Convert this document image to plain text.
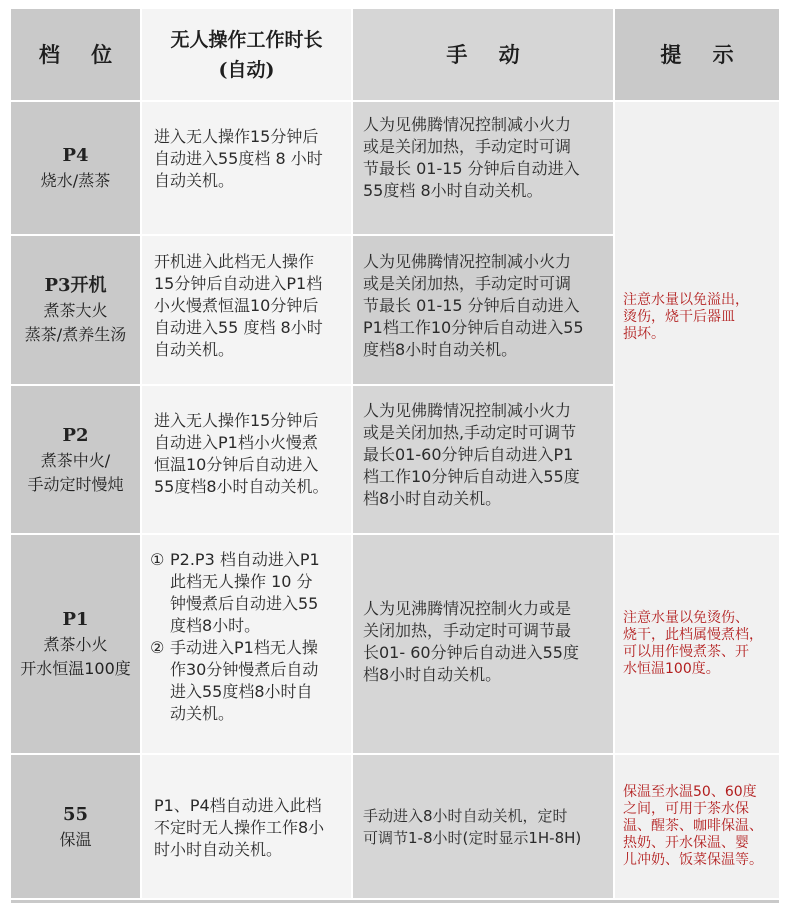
档 位
无人操作工作时长
(自动)
手 动	提 示
P4
烧水/蒸茶
进入无人操作15分钟后
自动进入55度档 8 小时
自动关机。
人为见佛腾情况控制减小火力
或是关闭加热，手动定时可调
节最长 01-15 分钟后自动进入
55度档 8小时自动关机。
P3开机
煮茶大火
蒸茶/煮养生汤
开机进入此档无人操作
15分钟后自动进入P1档
小火慢煮恒温10分钟后
自动进入55 度档 8小时
自动关机。
人为见佛腾情况控制减小火力
或是关闭加热，手动定时可调
节最长 01-15 分钟后自动进入
P1档工作10分钟后自动进入55
度档8小时自动关机。
注意水量以免溢出，
烫伤，烧干后器皿
损坏。
P2
煮茶中火/
手动定时慢炖
进入无人操作15分钟后
自动进入P1档小火慢煮
恒温10分钟后自动进入
55度档8小时自动关机。
人为见佛腾情况控制减小火力
或是关闭加热,手动定时可调节
最长01-60分钟后自动进入P1
档工作10分钟后自动进入55度
档8小时自动关机。
P1
煮茶小火
开水恒温100度
① P2.P3 档自动进入P1
此档无人操作 10 分
钟慢煮后自动进入55
度档8小时。
② 手动进入P1档无人操
作30分钟慢煮后自动
进入55度档8小时自
动关机。
人为见沸腾情况控制火力或是
关闭加热，手动定时可调节最
长01- 60分钟后自动进入55度
档8小时自动关机。
注意水量以免烫伤、
烧干，此档属慢煮档，
可以用作慢煮茶、开
水恒温100度。
55
保温
P1、P4档自动进入此档
不定时无人操作工作8小
时小时自动关机。
手动进入8小时自动关机，定时
可调节1-8小时(定时显示1H-8H)
保温至水温50、60度
之间，可用于茶水保
温、醒茶、咖啡保温、
热奶、开水保温、婴
儿冲奶、饭菜保温等。
